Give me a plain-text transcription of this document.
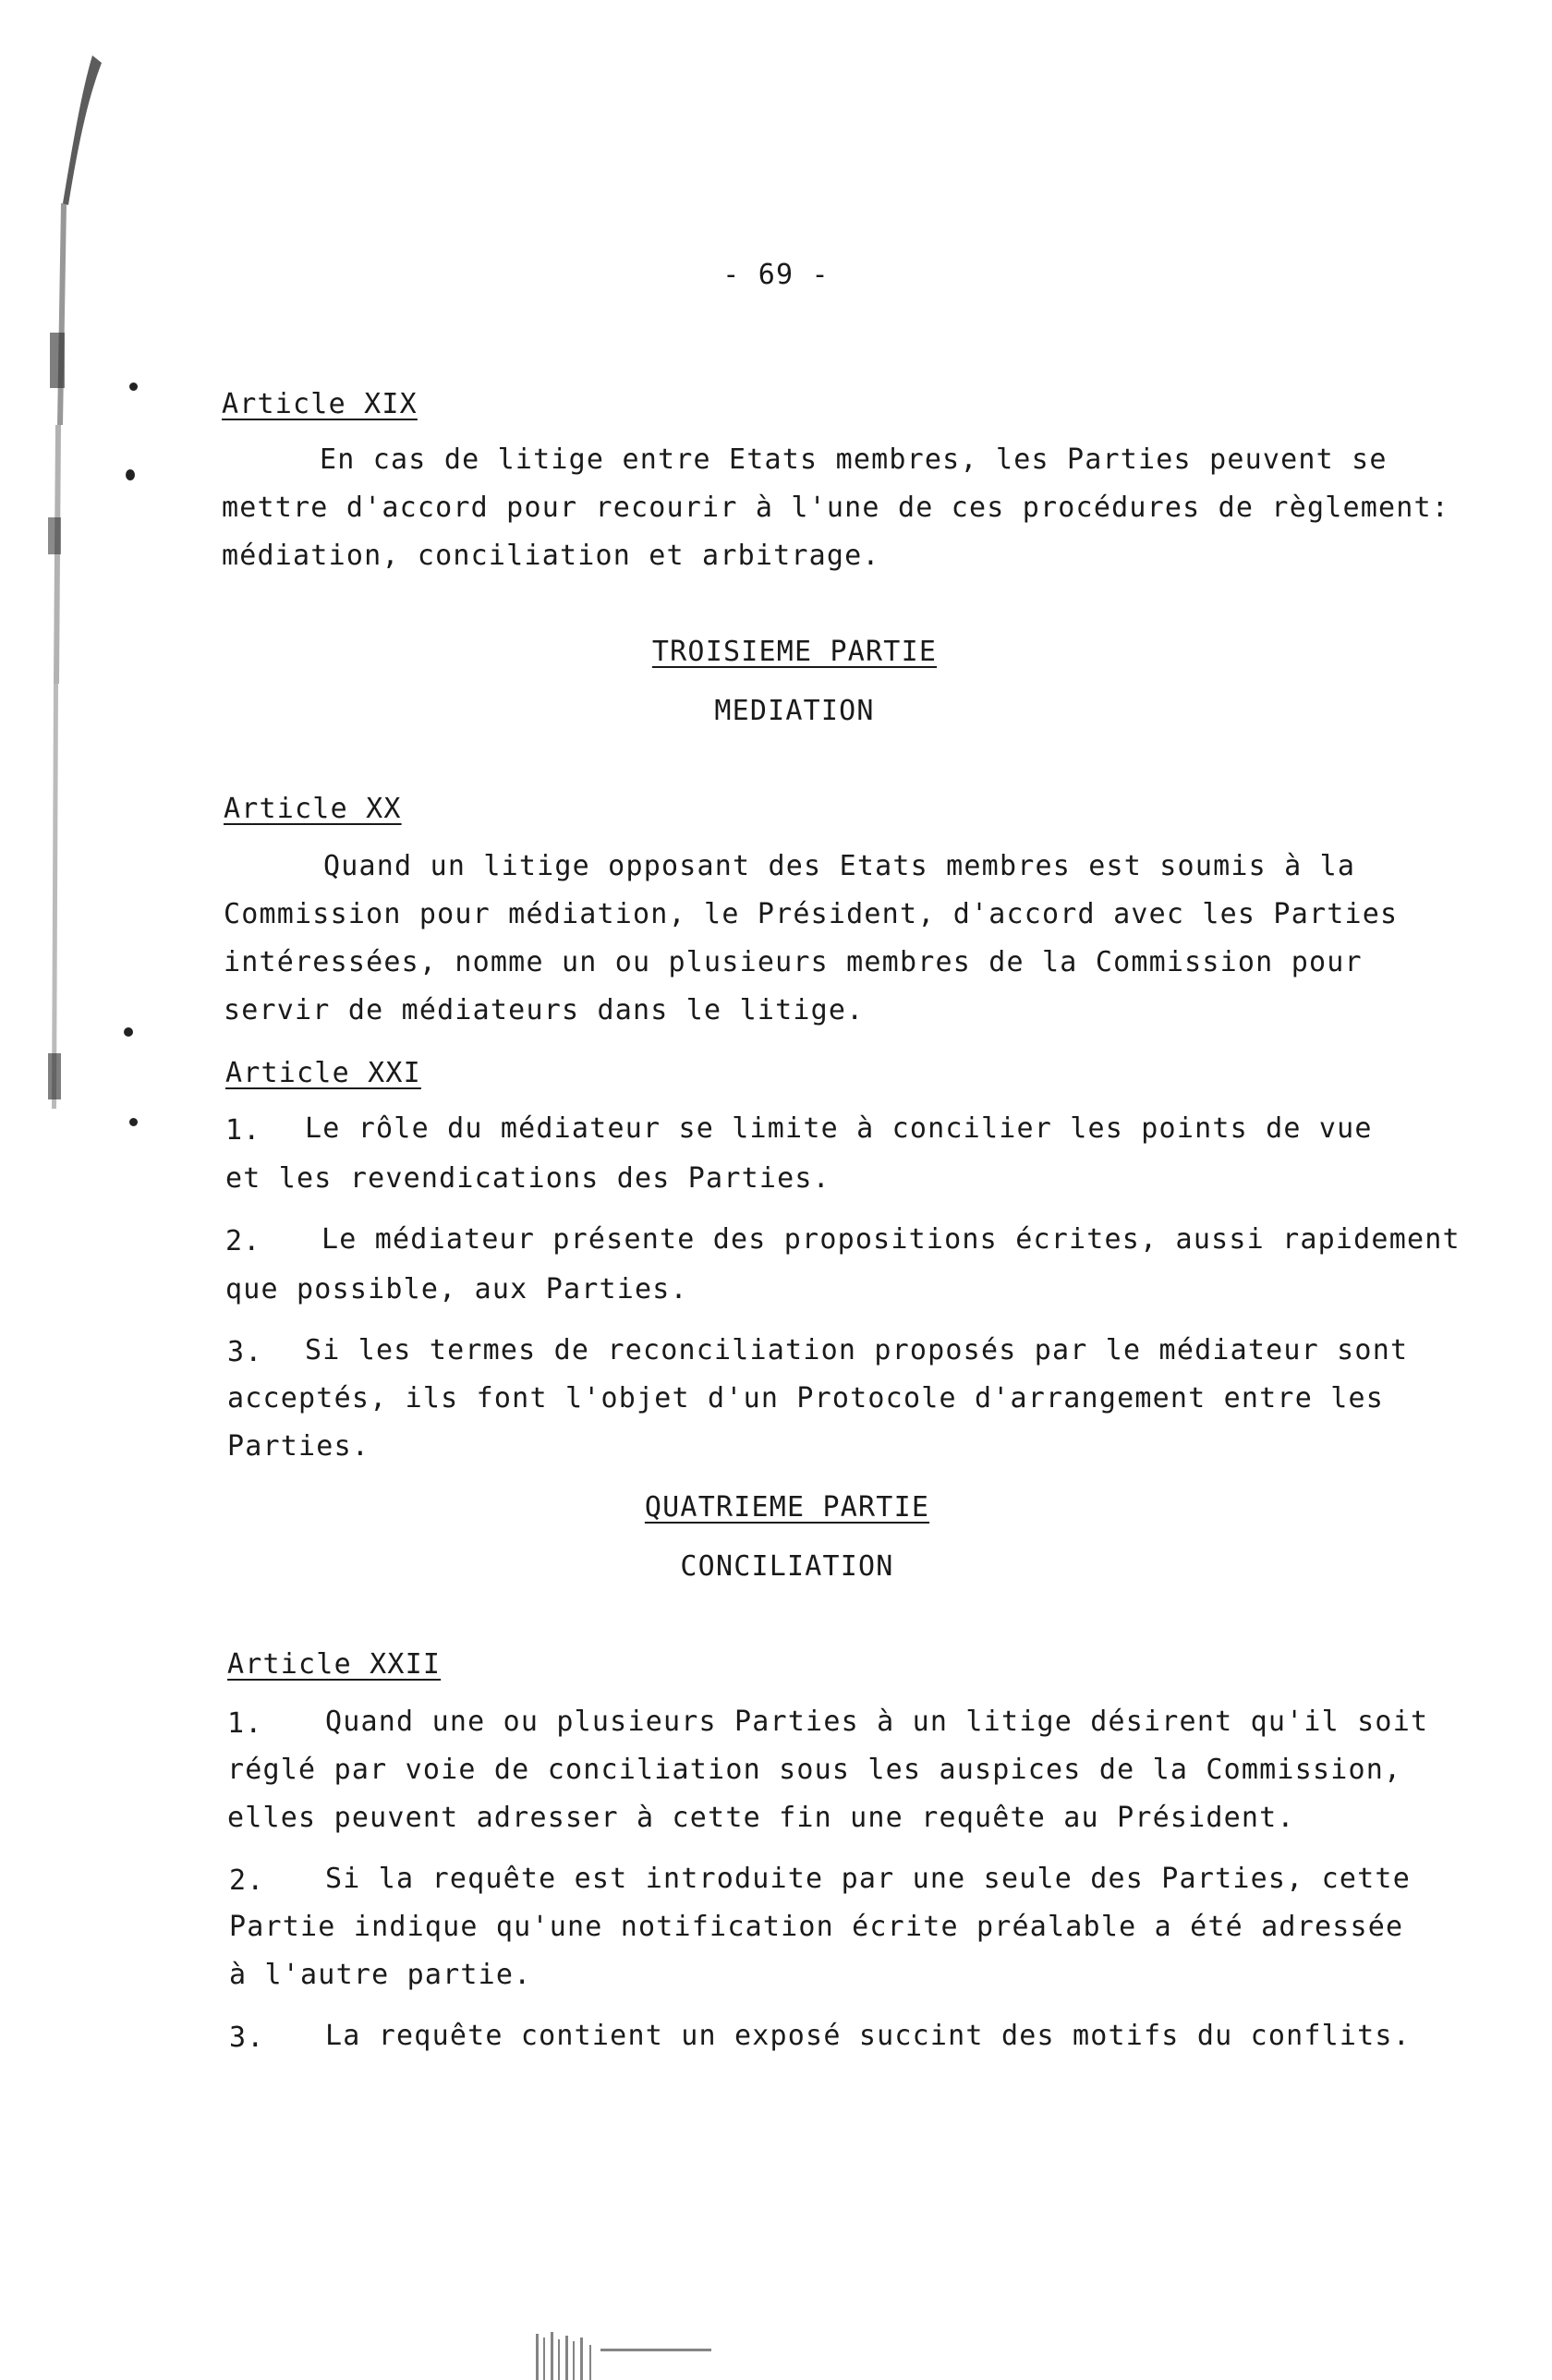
- 69 -
Article XIX
En cas de litige entre Etats membres, les Parties peuvent se
mettre d'accord pour recourir à l'une de ces procédures de règlement:
médiation, conciliation et arbitrage.
TROISIEME PARTIE
MEDIATION
Article XX
Quand un litige opposant des Etats membres est soumis à la
Commission pour médiation, le Président, d'accord avec les Parties
intéressées, nomme un ou plusieurs membres de la Commission pour
servir de médiateurs dans le litige.
Article XXI
1. Le rôle du médiateur se limite à concilier les points de vue
et les revendications des Parties.
2. Le médiateur présente des propositions écrites, aussi rapidement
que possible, aux Parties.
3. Si les termes de reconciliation proposés par le médiateur sont
acceptés, ils font l'objet d'un Protocole d'arrangement entre les
Parties.
QUATRIEME PARTIE
CONCILIATION
Article XXII
1. Quand une ou plusieurs Parties à un litige désirent qu'il soit
réglé par voie de conciliation sous les auspices de la Commission,
elles peuvent adresser à cette fin une requête au Président.
2. Si la requête est introduite par une seule des Parties, cette
Partie indique qu'une notification écrite préalable a été adressée
à l'autre partie.
3. La requête contient un exposé succint des motifs du conflits.
